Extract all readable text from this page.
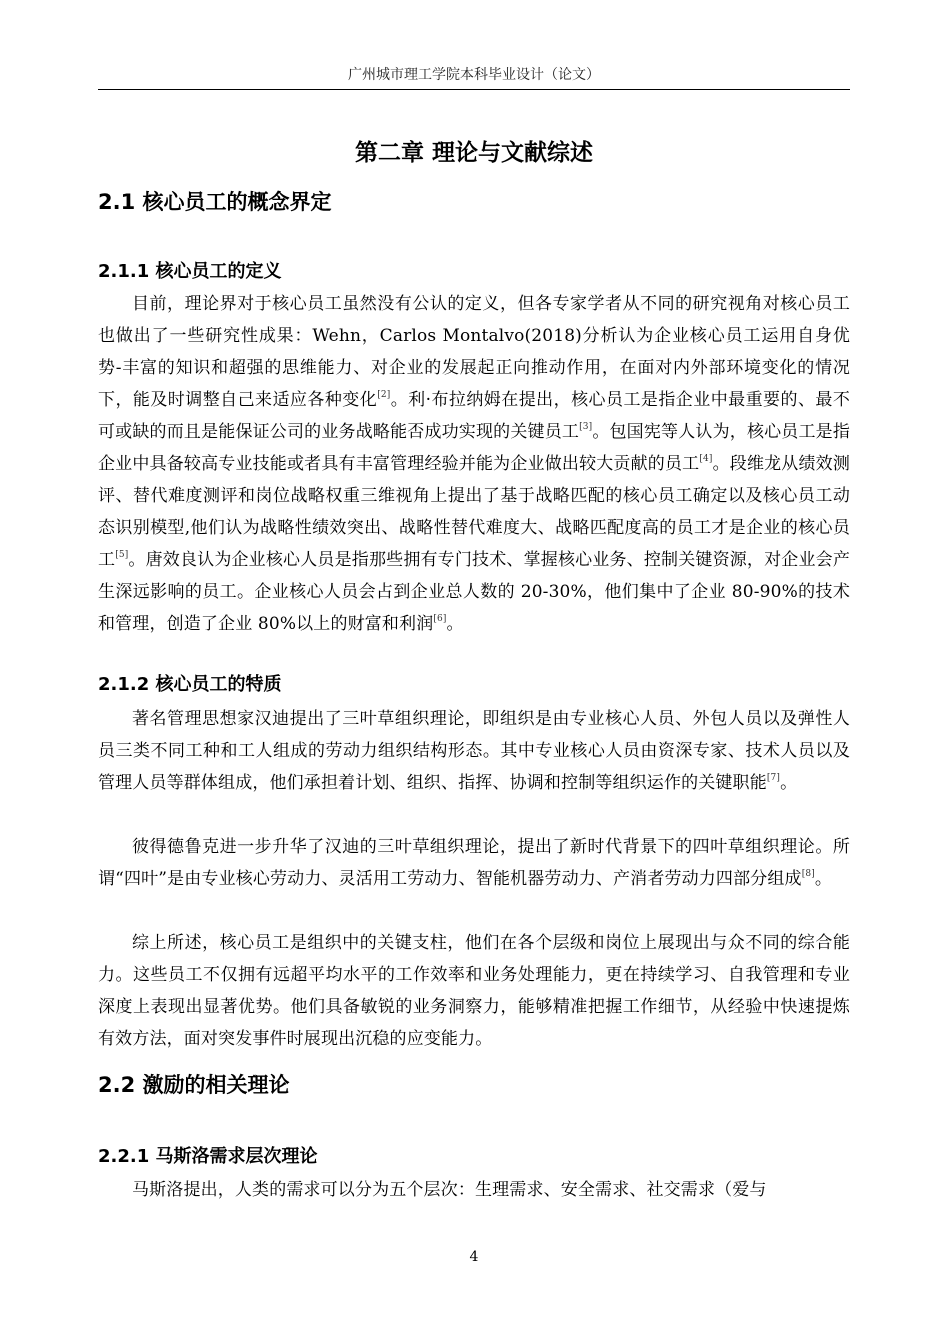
广州城市理工学院本科毕业设计（论文）
第二章 理论与文献综述
2.1 核心员工的概念界定
2.1.1 核心员工的定义

目前，理论界对于核心员工虽然没有公认的定义，但各专家学者从不同的研究视角对核心员工也做出了一些研究性成果：Wehn，Carlos Montalvo(2018)分析认为企业核心员工运用自身优势-丰富的知识和超强的思维能力、对企业的发展起正向推动作用，在面对内外部环境变化的情况下，能及时调整自己来适应各种变化[2]。利·布拉纳姆在提出，核心员工是指企业中最重要的、最不可或缺的而且是能保证公司的业务战略能否成功实现的关键员工[3]。包国宪等人认为，核心员工是指企业中具备较高专业技能或者具有丰富管理经验并能为企业做出较大贡献的员工[4]。段维龙从绩效测评、替代难度测评和岗位战略权重三维视角上提出了基于战略匹配的核心员工确定以及核心员工动态识别模型,他们认为战略性绩效突出、战略性替代难度大、战略匹配度高的员工才是企业的核心员工[5]。唐效良认为企业核心人员是指那些拥有专门技术、掌握核心业务、控制关键资源，对企业会产生深远影响的员工。企业核心人员会占到企业总人数的 20-30%，他们集中了企业 80-90%的技术和管理，创造了企业 80%以上的财富和利润[6]。

2.1.2 核心员工的特质

著名管理思想家汉迪提出了三叶草组织理论，即组织是由专业核心人员、外包人员以及弹性人员三类不同工种和工人组成的劳动力组织结构形态。其中专业核心人员由资深专家、技术人员以及管理人员等群体组成，他们承担着计划、组织、指挥、协调和控制等组织运作的关键职能[7]。

彼得德鲁克进一步升华了汉迪的三叶草组织理论，提出了新时代背景下的四叶草组织理论。所谓“四叶”是由专业核心劳动力、灵活用工劳动力、智能机器劳动力、产消者劳动力四部分组成[8]。

综上所述，核心员工是组织中的关键支柱，他们在各个层级和岗位上展现出与众不同的综合能力。这些员工不仅拥有远超平均水平的工作效率和业务处理能力，更在持续学习、自我管理和专业深度上表现出显著优势。他们具备敏锐的业务洞察力，能够精准把握工作细节，从经验中快速提炼有效方法，面对突发事件时展现出沉稳的应变能力。

2.2 激励的相关理论
2.2.1 马斯洛需求层次理论

马斯洛提出，人类的需求可以分为五个层次：生理需求、安全需求、社交需求（爱与

4
